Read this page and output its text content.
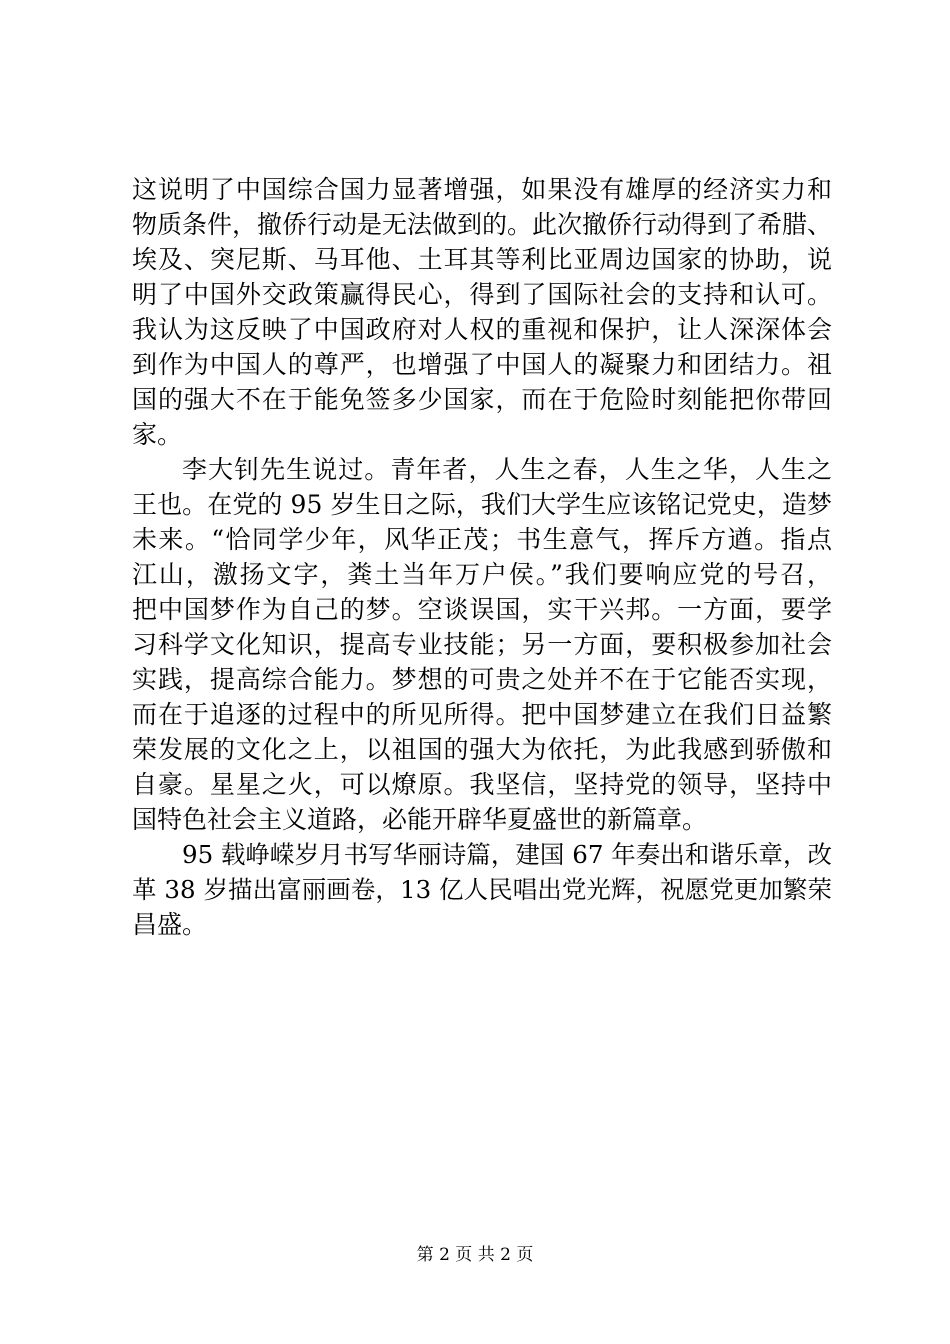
这说明了中国综合国力显著增强，如果没有雄厚的经济实力和
物质条件，撤侨行动是无法做到的。此次撤侨行动得到了希腊、
埃及、突尼斯、马耳他、土耳其等利比亚周边国家的协助，说
明了中国外交政策赢得民心，得到了国际社会的支持和认可。
我认为这反映了中国政府对人权的重视和保护，让人深深体会
到作为中国人的尊严，也增强了中国人的凝聚力和团结力。祖
国的强大不在于能免签多少国家，而在于危险时刻能把你带回
家。
李大钊先生说过。青年者，人生之春，人生之华，人生之
王也。在党的 95 岁生日之际，我们大学生应该铭记党史，造梦
未来。“恰同学少年，风华正茂；书生意气，挥斥方遒。指点
江山，激扬文字，粪土当年万户侯。”我们要响应党的号召，
把中国梦作为自己的梦。空谈误国，实干兴邦。一方面，要学
习科学文化知识，提高专业技能；另一方面，要积极参加社会
实践，提高综合能力。梦想的可贵之处并不在于它能否实现，
而在于追逐的过程中的所见所得。把中国梦建立在我们日益繁
荣发展的文化之上，以祖国的强大为依托，为此我感到骄傲和
自豪。星星之火，可以燎原。我坚信，坚持党的领导，坚持中
国特色社会主义道路，必能开辟华夏盛世的新篇章。
95 载峥嵘岁月书写华丽诗篇，建国 67 年奏出和谐乐章，改
革 38 岁描出富丽画卷，13 亿人民唱出党光辉，祝愿党更加繁荣
昌盛。
第 2 页 共 2 页
